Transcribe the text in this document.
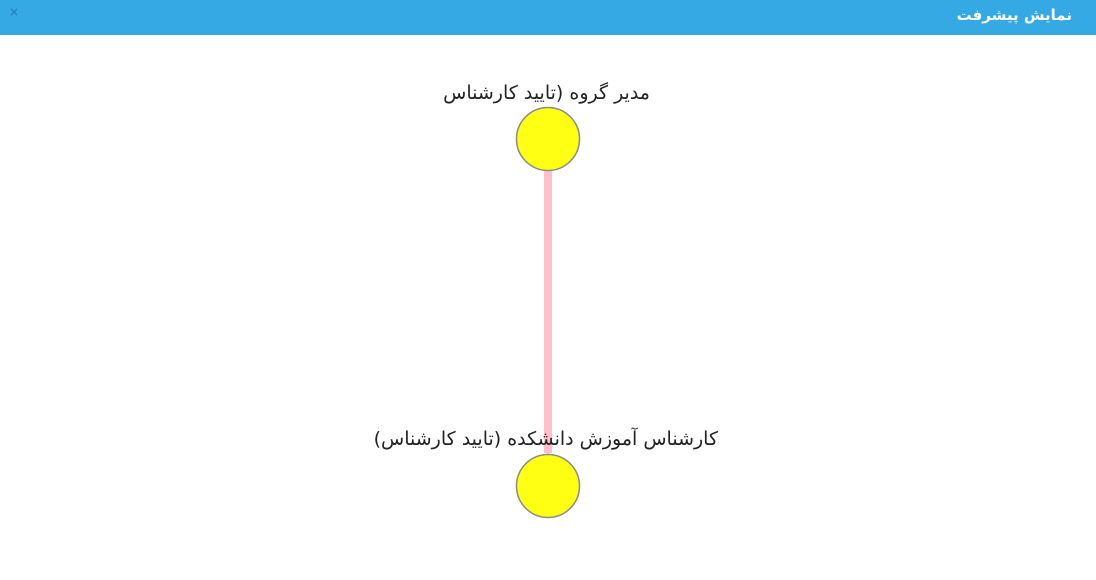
×	نمایش پیشرفت
مدیر گروه (تایید کارشناس
کارشناس آموزش دانشکده (تایید کارشناس)
